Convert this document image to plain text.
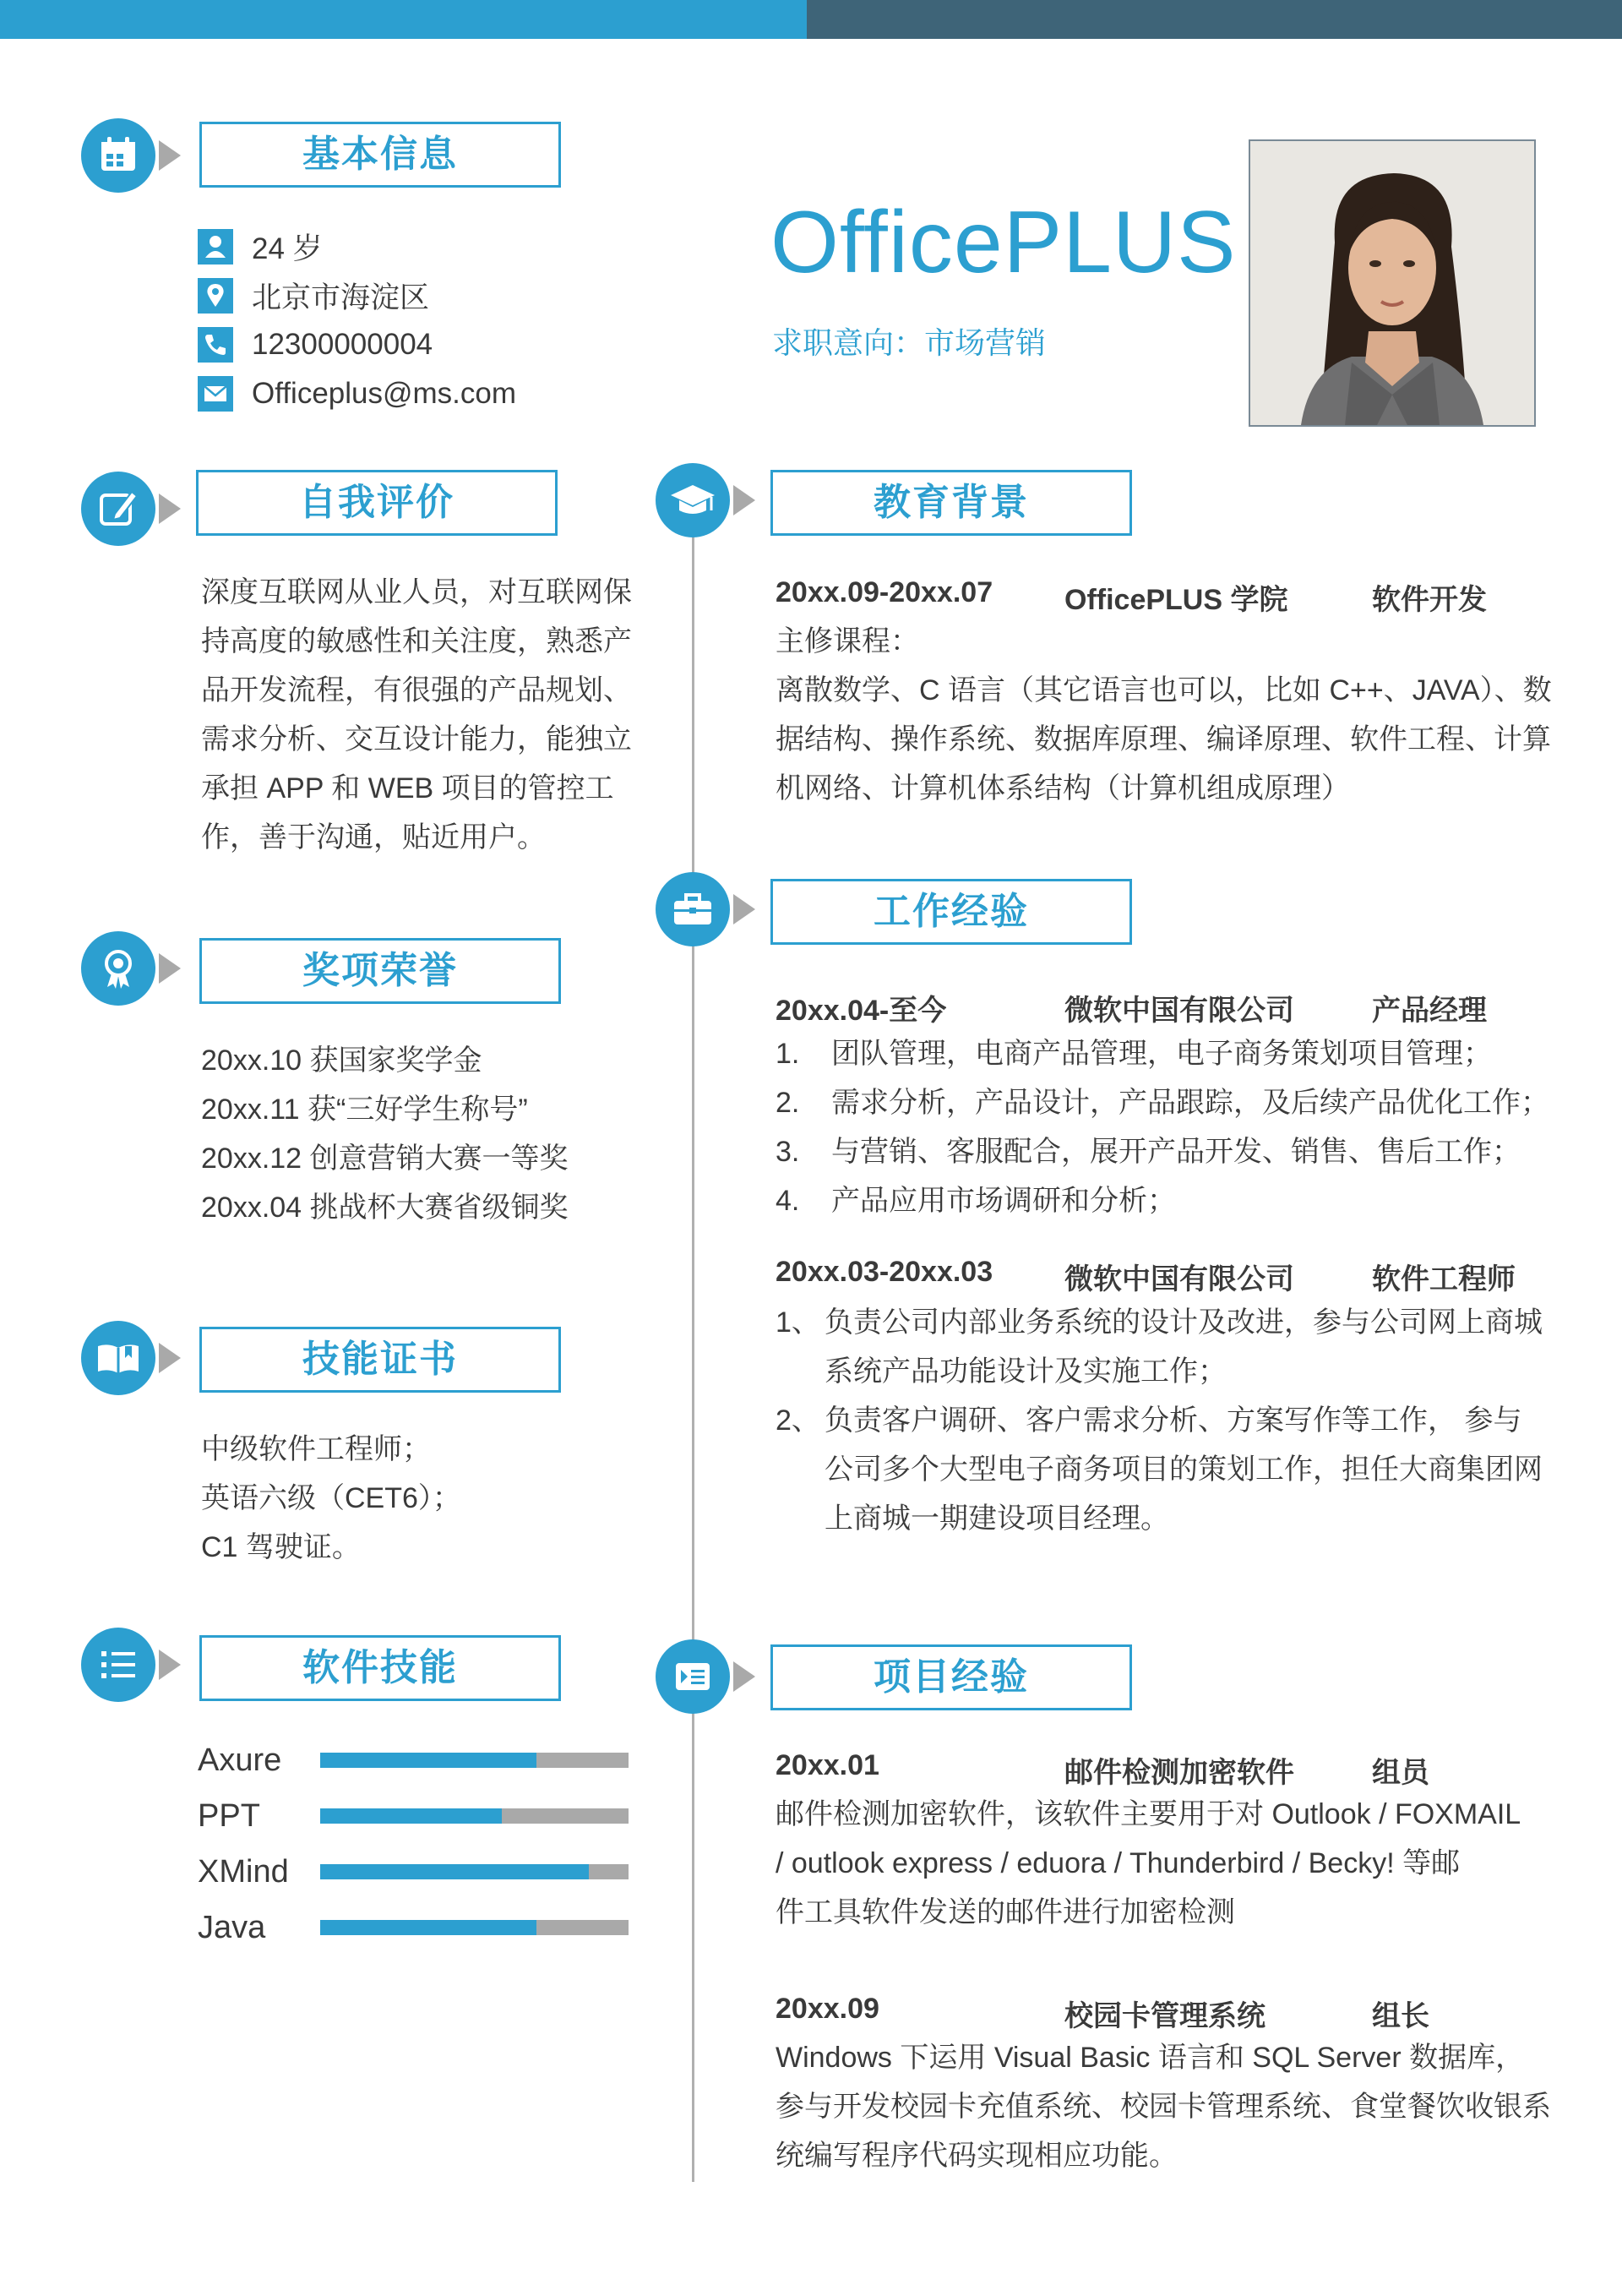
基本信息
24 岁
北京市海淀区
12300000004
Officeplus@ms.com
自我评价
深度互联网从业人员，对互联网保
持高度的敏感性和关注度，熟悉产
品开发流程，有很强的产品规划、
需求分析、交互设计能力，能独立
承担 APP 和 WEB 项目的管控工
作，善于沟通，贴近用户。
奖项荣誉
20xx.10 获国家奖学金
20xx.11 获“三好学生称号”
20xx.12 创意营销大赛一等奖
20xx.04 挑战杯大赛省级铜奖
技能证书
中级软件工程师；
英语六级（CET6）；
C1 驾驶证。
软件技能
Axure
PPT
XMind
Java
OfficePLUS
求职意向：市场营销
教育背景
20xx.09-20xx.07 OfficePLUS 学院	软件开发
主修课程：
离散数学、C 语言（其它语言也可以，比如 C++、JAVA）、数
据结构、操作系统、数据库原理、编译原理、软件工程、计算
机网络、计算机体系结构（计算机组成原理）
工作经验
20xx.04-至今	微软中国有限公司	产品经理
1.	团队管理，电商产品管理，电子商务策划项目管理；
2.	需求分析，产品设计，产品跟踪，及后续产品优化工作；
3.	与营销、客服配合，展开产品开发、销售、售后工作；
4.	产品应用市场调研和分析；
20xx.03-20xx.03 微软中国有限公司	软件工程师
1、 负责公司内部业务系统的设计及改进，参与公司网上商城系统产品功能设计及实施工作；
2、 负责客户调研、客户需求分析、方案写作等工作， 参与公司多个大型电子商务项目的策划工作，担任大商集团网上商城一期建设项目经理。
项目经验
20xx.01	邮件检测加密软件	组员
邮件检测加密软件，该软件主要用于对 Outlook / FOXMAIL
/ outlook express / eduora / Thunderbird / Becky! 等邮
件工具软件发送的邮件进行加密检测
20xx.09	校园卡管理系统	组长
Windows 下运用 Visual Basic 语言和 SQL Server 数据库，
参与开发校园卡充值系统、校园卡管理系统、食堂餐饮收银系
统编写程序代码实现相应功能。
